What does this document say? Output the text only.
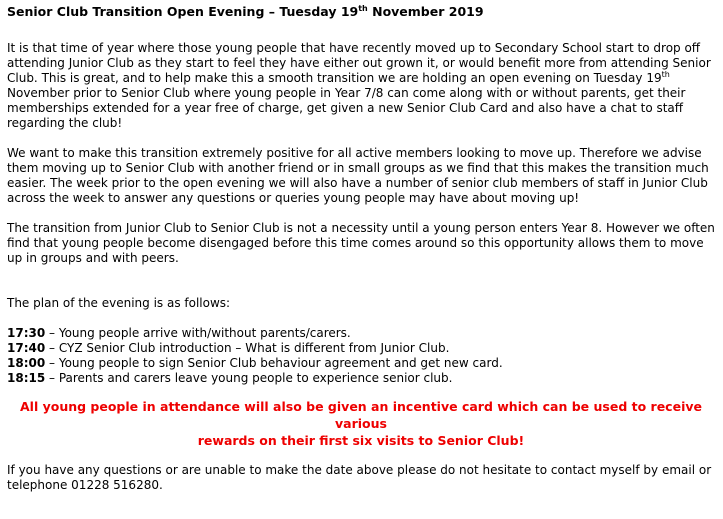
Senior Club Transition Open Evening – Tuesday 19th November 2019

It is that time of year where those young people that have recently moved up to Secondary School start to drop off attending Junior Club as they start to feel they have either out grown it, or would benefit more from attending Senior Club. This is great, and to help make this a smooth transition we are holding an open evening on Tuesday 19th November prior to Senior Club where young people in Year 7/8 can come along with or without parents, get their memberships extended for a year free of charge, get given a new Senior Club Card and also have a chat to staff regarding the club!

We want to make this transition extremely positive for all active members looking to move up. Therefore we advise them moving up to Senior Club with another friend or in small groups as we find that this makes the transition much easier. The week prior to the open evening we will also have a number of senior club members of staff in Junior Club across the week to answer any questions or queries young people may have about moving up!

The transition from Junior Club to Senior Club is not a necessity until a young person enters Year 8. However we often find that young people become disengaged before this time comes around so this opportunity allows them to move up in groups and with peers.

The plan of the evening is as follows:

17:30 – Young people arrive with/without parents/carers.

17:40 – CYZ Senior Club introduction – What is different from Junior Club.

18:00 – Young people to sign Senior Club behaviour agreement and get new card.

18:15 – Parents and carers leave young people to experience senior club.

All young people in attendance will also be given an incentive card which can be used to receive various
rewards on their first six visits to Senior Club!

If you have any questions or are unable to make the date above please do not hesitate to contact myself by email or telephone 01228 516280.
